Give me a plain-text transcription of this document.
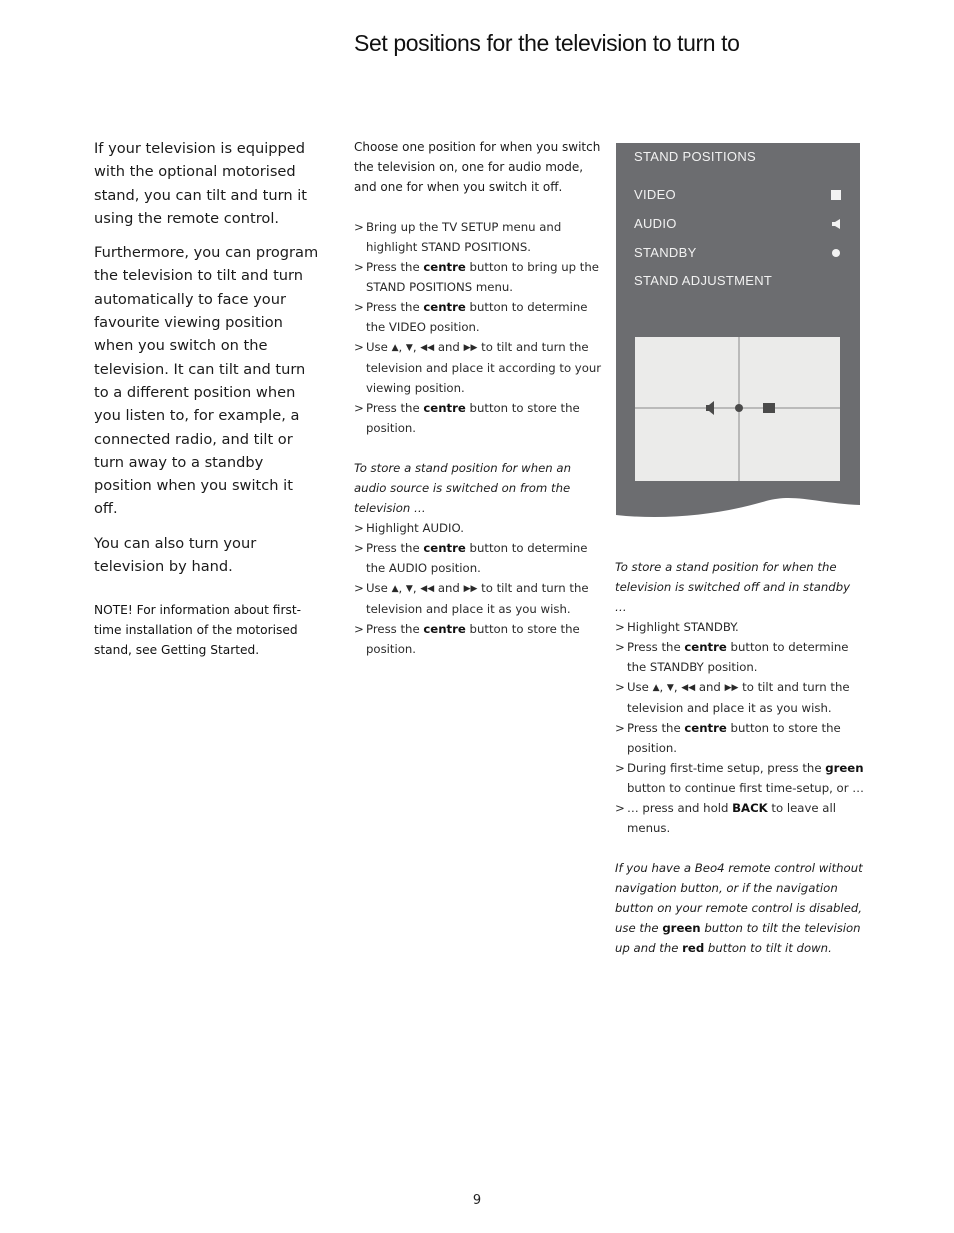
Set positions for the television to turn to

If your television is equipped with the optional motorised stand, you can tilt and turn it using the remote control.

Furthermore, you can program the television to tilt and turn automatically to face your favourite viewing position when you switch on the television. It can tilt and turn to a different position when you listen to, for example, a connected radio, and tilt or turn away to a standby position when you switch it off.

You can also turn your television by hand.

NOTE! For information about first-time installation of the motorised stand, see Getting Started.

Choose one position for when you switch the television on, one for audio mode, and one for when you switch it off.

> Bring up the TV SETUP menu and highlight STAND POSITIONS.
> Press the centre button to bring up the STAND POSITIONS menu.
> Press the centre button to determine the VIDEO position.
> Use ▲, ▼, ◀◀ and ▶▶ to tilt and turn the television and place it according to your viewing position.
> Press the centre button to store the position.

To store a stand position for when an audio source is switched on from the television …

> Highlight AUDIO.
> Press the centre button to determine the AUDIO position.
> Use ▲, ▼, ◀◀ and ▶▶ to tilt and turn the television and place it as you wish.
> Press the centre button to store the position.
STAND POSITIONS
VIDEO
AUDIO
STANDBY
STAND ADJUSTMENT

To store a stand position for when the television is switched off and in standby …

> Highlight STANDBY.
> Press the centre button to determine the STANDBY position.
> Use ▲, ▼, ◀◀ and ▶▶ to tilt and turn the television and place it as you wish.
> Press the centre button to store the position.
> During first-time setup, press the green button to continue first time-setup, or …
> … press and hold BACK to leave all menus.

If you have a Beo4 remote control without navigation button, or if the navigation button on your remote control is disabled, use the green button to tilt the television up and the red button to tilt it down.

9
